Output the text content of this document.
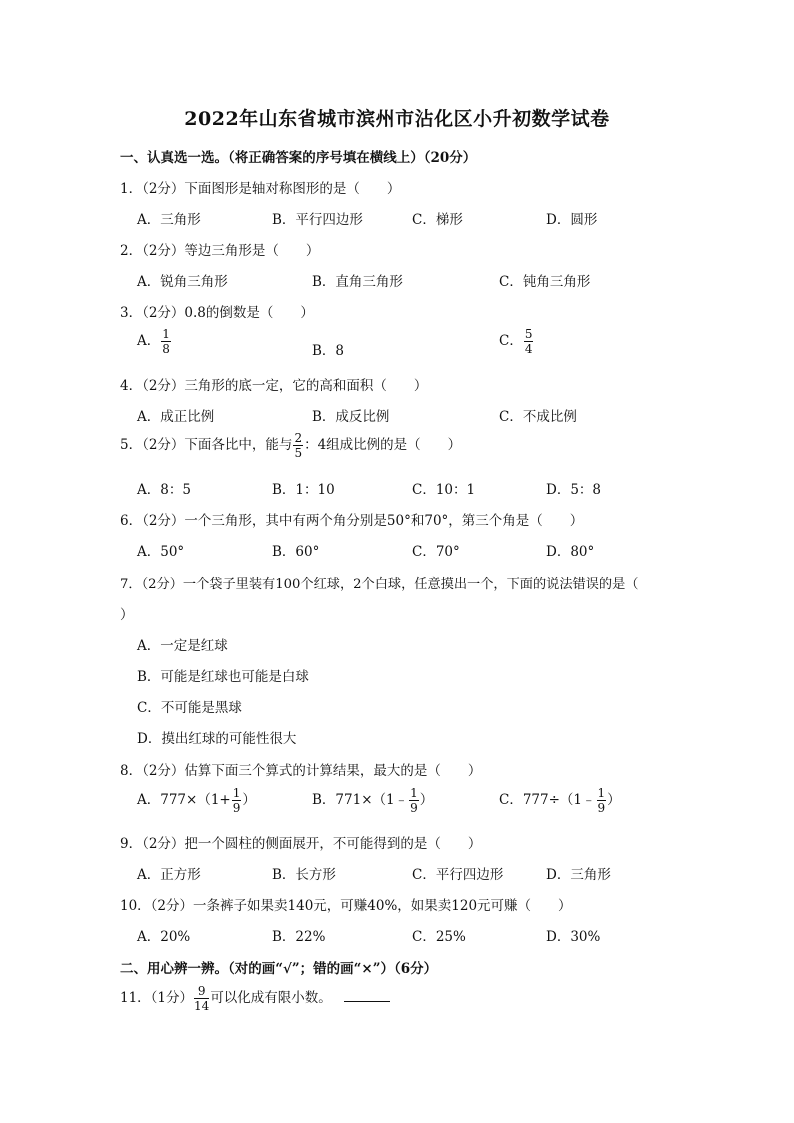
2022年山东省城市滨州市沾化区小升初数学试卷
一、认真选一选。（将正确答案的序号填在横线上）（20分）
1．（2分）下面图形是轴对称图形的是（　　）
A．三角形	B．平行四边形	C．梯形	D．圆形
2．（2分）等边三角形是（　　）
A．锐角三角形	B．直角三角形	C．钝角三角形
3．（2分）0.8的倒数是（　　）
A． $\frac{1}{8}$	B．8
C． $\frac{5}{4}$
4．（2分）三角形的底一定，它的高和面积（　　）
A．成正比例	B．成反比例	C．不成比例
5．（2分）下面各比中，能与 $\frac{2}{5}$ ：4组成比例的是（　　）
A．8：5	B．1：10	C．10：1	D．5：8
6．（2分）一个三角形，其中有两个角分别是50°和70°，第三个角是（　　）
A．50°	B．60°	C．70°	D．80°
7．（2分）一个袋子里装有100个红球，2个白球，任意摸出一个，下面的说法错误的是（
）
A．一定是红球
B．可能是红球也可能是白球
C．不可能是黑球
D．摸出红球的可能性很大
8．（2分）估算下面三个算式的计算结果，最大的是（　　）
A．$777\times(1+ \frac{1}{9}$ ）	B．771×（1﹣ $\frac{1}{9}$ ）	C．777÷（1﹣ $\frac{1}{9}$ ）
9．（2分）把一个圆柱的侧面展开，不可能得到的是（　　）
A．正方形	B．长方形	C．平行四边形	D．三角形
10．（2分）一条裤子如果卖140元，可赚40%，如果卖120元可赚（　　）
A．20%	B．22%	C．25%	D．30%
二、用心辨一辨。（对的画“√”；错的画“×”）（6分）
11．（1分） $\frac{9}{14}$ 可以化成有限小数。
